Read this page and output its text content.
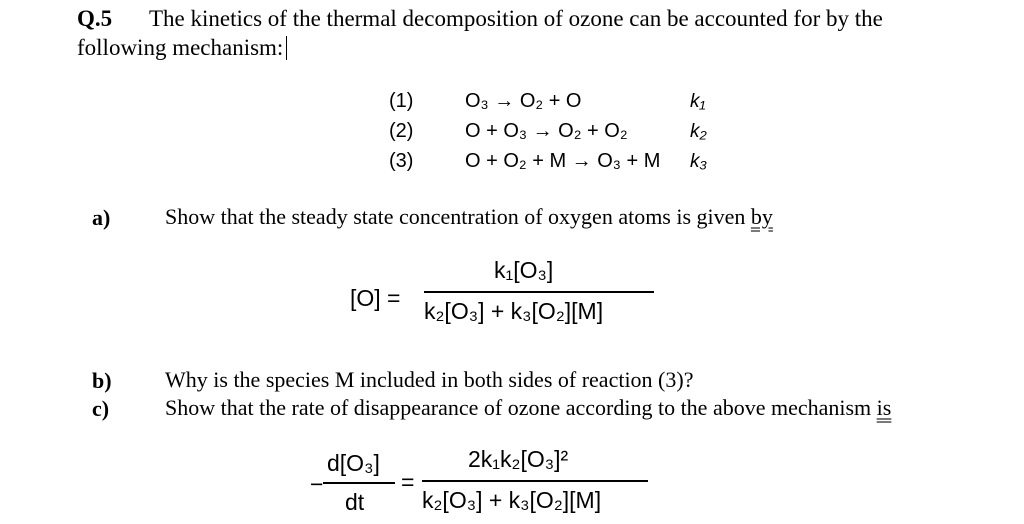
Q.5 The kinetics of the thermal decomposition of ozone can be accounted for by the
following mechanism:
(1)	O₃ → O₂ + O	k₁
(2)	O + O₃ → O₂ + O₂	k₂
(3)	O + O₂ + M → O₃ + M k₃
a) Show that the steady state concentration of oxygen atoms is given by
[O] =
k₁[O₃]
k₂[O₃] + k₃[O₂][M]
b) Why is the species M included in both sides of reaction (3)?
c)	Show that the rate of disappearance of ozone according to the above mechanism is
−
d[O₃]
dt
=
2k₁k₂[O₃]²
k₂[O₃] + k₃[O₂][M]
